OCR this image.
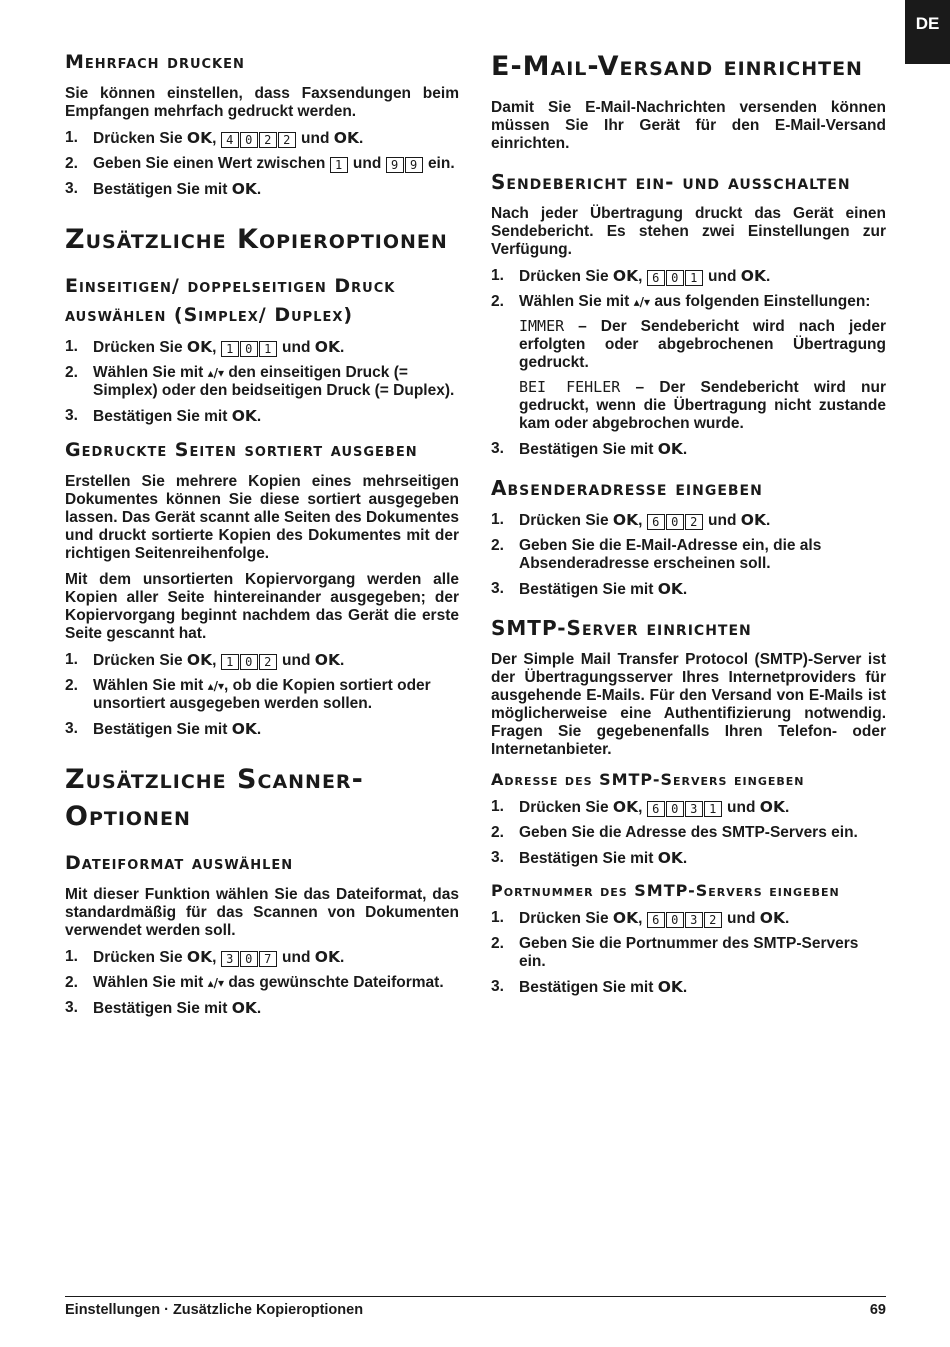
DE
Mehrfach drucken

Sie können einstellen, dass Faxsendungen beim Empfangen mehrfach gedruckt werden.

1. Drücken Sie OK, 4 0 2 2 und OK.
2. Geben Sie einen Wert zwischen 1 und 9 9 ein.
3. Bestätigen Sie mit OK.
Zusätzliche Kopieroptionen
Einseitigen/ doppelseitigen Druck auswählen (Simplex/ Duplex)
1. Drücken Sie OK, 1 0 1 und OK.
2. Wählen Sie mit ▴/▾ den einseitigen Druck (= Simplex) oder den beidseitigen Druck (= Duplex).
3. Bestätigen Sie mit OK.
Gedruckte Seiten sortiert ausgeben

Erstellen Sie mehrere Kopien eines mehrseitigen Dokumentes können Sie diese sortiert ausgegeben lassen. Das Gerät scannt alle Seiten des Dokumentes und druckt sortierte Kopien des Dokumentes mit der richtigen Seitenreihenfolge.

Mit dem unsortierten Kopiervorgang werden alle Kopien aller Seite hintereinander ausgegeben; der Kopiervorgang beginnt nachdem das Gerät die erste Seite gescannt hat.

1. Drücken Sie OK, 1 0 2 und OK.
2. Wählen Sie mit ▴/▾, ob die Kopien sortiert oder unsortiert ausgegeben werden sollen.
3. Bestätigen Sie mit OK.
Zusätzliche Scanner-Optionen
Dateiformat auswählen

Mit dieser Funktion wählen Sie das Dateiformat, das standardmäßig für das Scannen von Dokumenten verwendet werden soll.

1. Drücken Sie OK, 3 0 7 und OK.
2. Wählen Sie mit ▴/▾ das gewünschte Dateiformat.
3. Bestätigen Sie mit OK.
E-Mail-Versand einrichten

Damit Sie E-Mail-Nachrichten versenden können müssen Sie Ihr Gerät für den E-Mail-Versand einrichten.

Sendebericht ein- und ausschalten

Nach jeder Übertragung druckt das Gerät einen Sendebericht. Es stehen zwei Einstellungen zur Verfügung.

1. Drücken Sie OK, 6 0 1 und OK.
2. Wählen Sie mit ▴/▾ aus folgenden Einstellungen:
IMMER – Der Sendebericht wird nach jeder erfolgten oder abgebrochenen Übertragung gedruckt.
BEI FEHLER – Der Sendebericht wird nur gedruckt, wenn die Übertragung nicht zustande kam oder abgebrochen wurde.
3. Bestätigen Sie mit OK.
Absenderadresse eingeben
1. Drücken Sie OK, 6 0 2 und OK.
2. Geben Sie die E-Mail-Adresse ein, die als Absenderadresse erscheinen soll.
3. Bestätigen Sie mit OK.
SMTP-Server einrichten

Der Simple Mail Transfer Protocol (SMTP)-Server ist der Übertragungsserver Ihres Internetproviders für ausgehende E-Mails. Für den Versand von E-Mails ist möglicherweise eine Authentifizierung notwendig. Fragen Sie gegebenenfalls Ihren Telefon- oder Internetanbieter.

Adresse des SMTP-Servers eingeben
1. Drücken Sie OK, 6 0 3 1 und OK.
2. Geben Sie die Adresse des SMTP-Servers ein.
3. Bestätigen Sie mit OK.
Portnummer des SMTP-Servers eingeben
1. Drücken Sie OK, 6 0 3 2 und OK.
2. Geben Sie die Portnummer des SMTP-Servers ein.
3. Bestätigen Sie mit OK.
Einstellungen · Zusätzliche Kopieroptionen	69
